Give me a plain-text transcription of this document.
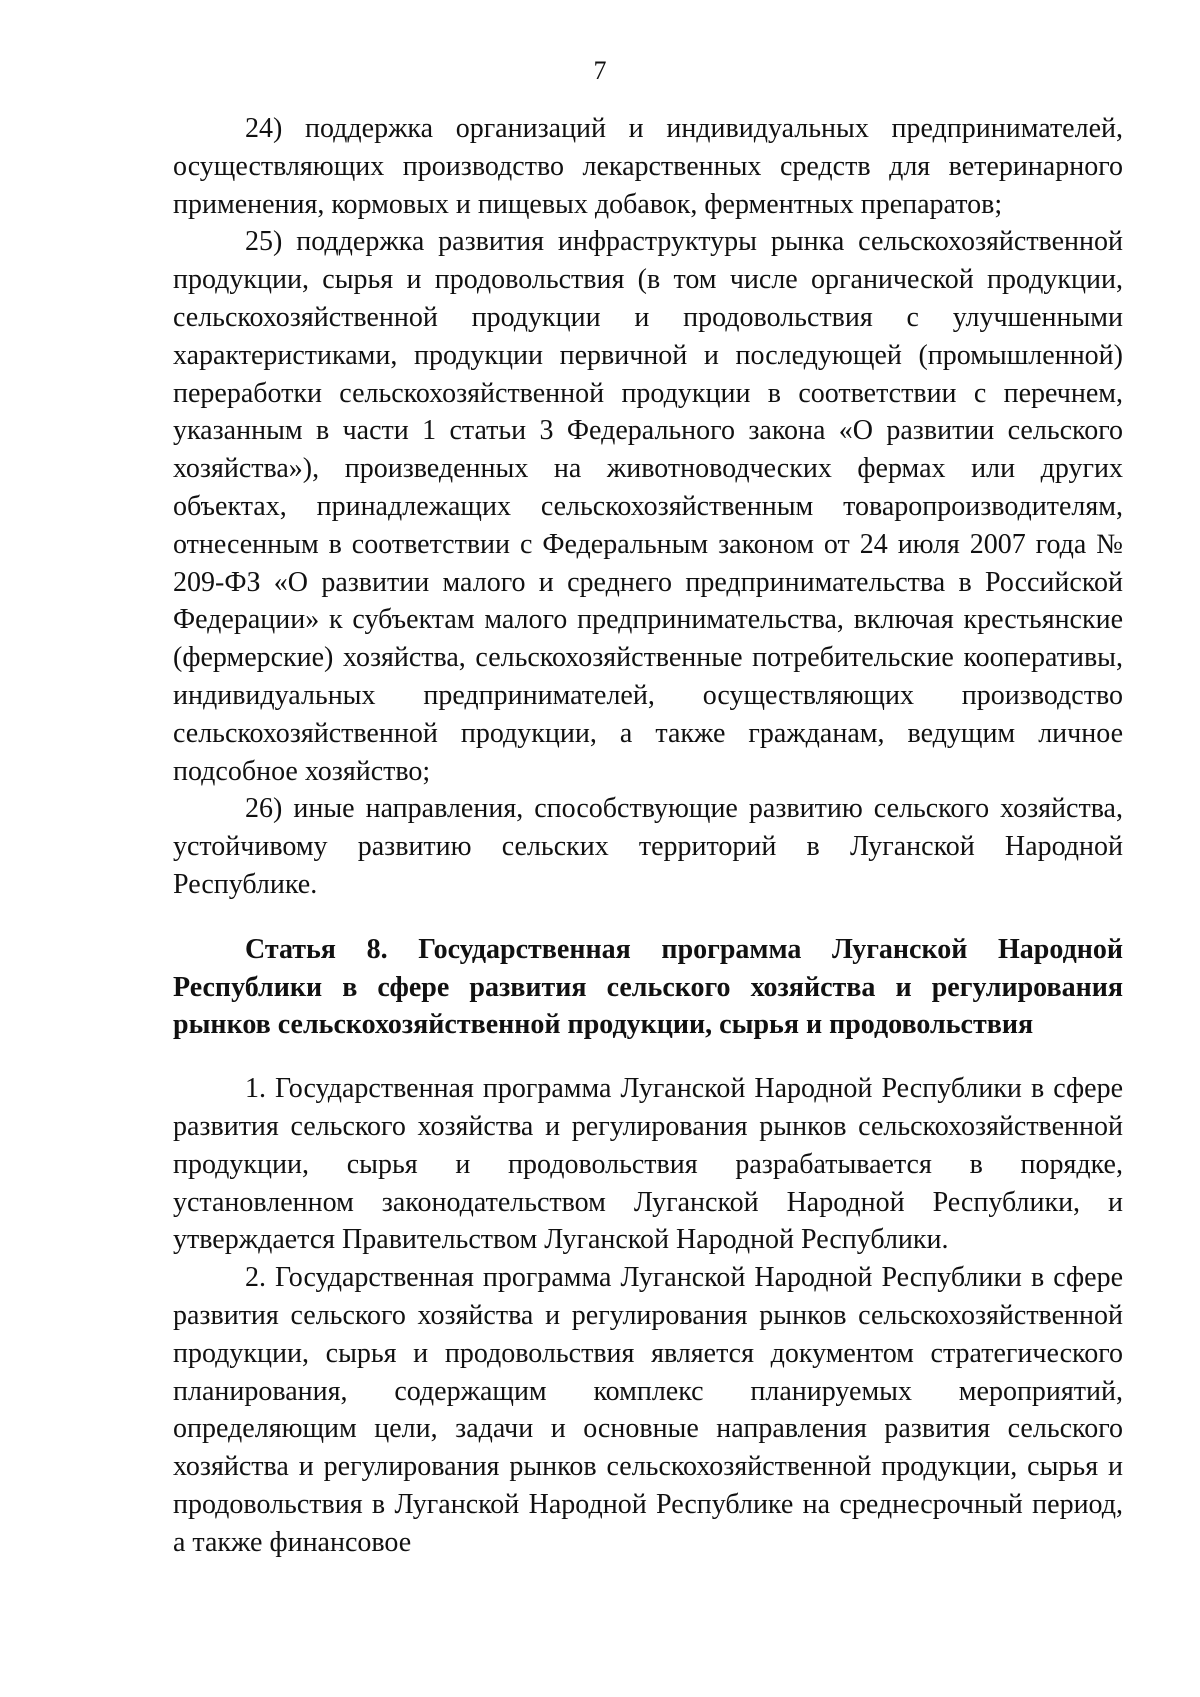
7

24) поддержка организаций и индивидуальных предпринимателей, осуществляющих производство лекарственных средств для ветеринарного применения, кормовых и пищевых добавок, ферментных препаратов;

25) поддержка развития инфраструктуры рынка сельскохозяйственной продукции, сырья и продовольствия (в том числе органической продукции, сельскохозяйственной продукции и продовольствия с улучшенными характеристиками, продукции первичной и последующей (промышленной) переработки сельскохозяйственной продукции в соответствии с перечнем, указанным в части 1 статьи 3 Федерального закона «О развитии сельского хозяйства»), произведенных на животноводческих фермах или других объектах, принадлежащих сельскохозяйственным товаропроизводителям, отнесенным в соответствии с Федеральным законом от 24 июля 2007 года № 209-ФЗ «О развитии малого и среднего предпринимательства в Российской Федерации» к субъектам малого предпринимательства, включая крестьянские (фермерские) хозяйства, сельскохозяйственные потребительские кооперативы, индивидуальных предпринимателей, осуществляющих производство сельскохозяйственной продукции, а также гражданам, ведущим личное подсобное хозяйство;

26) иные направления, способствующие развитию сельского хозяйства, устойчивому развитию сельских территорий в Луганской Народной Республике.

Статья 8. Государственная программа Луганской Народной Республики в сфере развития сельского хозяйства и регулирования рынков сельскохозяйственной продукции, сырья и продовольствия

1. Государственная программа Луганской Народной Республики в сфере развития сельского хозяйства и регулирования рынков сельскохозяйственной продукции, сырья и продовольствия разрабатывается в порядке, установленном законодательством Луганской Народной Республики, и утверждается Правительством Луганской Народной Республики.

2. Государственная программа Луганской Народной Республики в сфере развития сельского хозяйства и регулирования рынков сельскохозяйственной продукции, сырья и продовольствия является документом стратегического планирования, содержащим комплекс планируемых мероприятий, определяющим цели, задачи и основные направления развития сельского хозяйства и регулирования рынков сельскохозяйственной продукции, сырья и продовольствия в Луганской Народной Республике на среднесрочный период, а также финансовое
